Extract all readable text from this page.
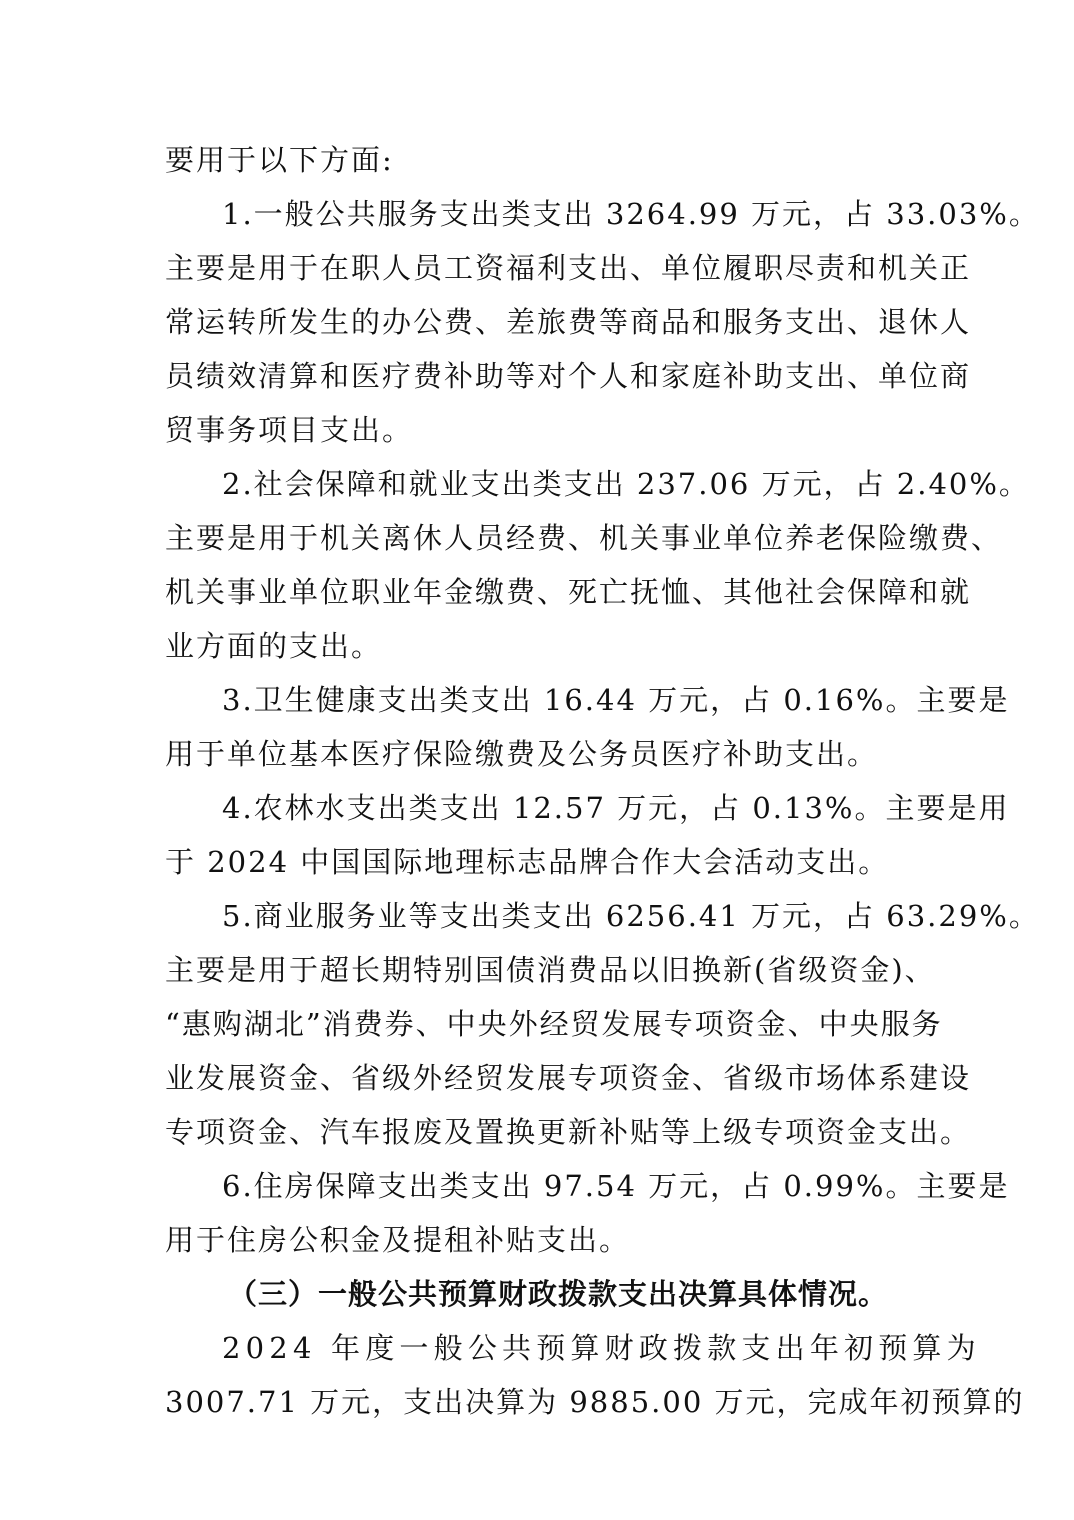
要用于以下方面:
1.一般公共服务支出类支出 3264.99 万元，占 33.03%。
主要是用于在职人员工资福利支出、单位履职尽责和机关正
常运转所发生的办公费、差旅费等商品和服务支出、退休人
员绩效清算和医疗费补助等对个人和家庭补助支出、单位商
贸事务项目支出。
2.社会保障和就业支出类支出 237.06 万元，占 2.40%。
主要是用于机关离休人员经费、机关事业单位养老保险缴费、
机关事业单位职业年金缴费、死亡抚恤、其他社会保障和就
业方面的支出。
3.卫生健康支出类支出 16.44 万元，占 0.16%。主要是
用于单位基本医疗保险缴费及公务员医疗补助支出。
4.农林水支出类支出 12.57 万元，占 0.13%。主要是用
于 2024 中国国际地理标志品牌合作大会活动支出。
5.商业服务业等支出类支出 6256.41 万元，占 63.29%。
主要是用于超长期特别国债消费品以旧换新(省级资金)、
“惠购湖北”消费券、中央外经贸发展专项资金、中央服务
业发展资金、省级外经贸发展专项资金、省级市场体系建设
专项资金、汽车报废及置换更新补贴等上级专项资金支出。
6.住房保障支出类支出 97.54 万元，占 0.99%。主要是
用于住房公积金及提租补贴支出。
（三）一般公共预算财政拨款支出决算具体情况。
2024 年度一般公共预算财政拨款支出年初预算为
3007.71 万元，支出决算为 9885.00 万元，完成年初预算的
